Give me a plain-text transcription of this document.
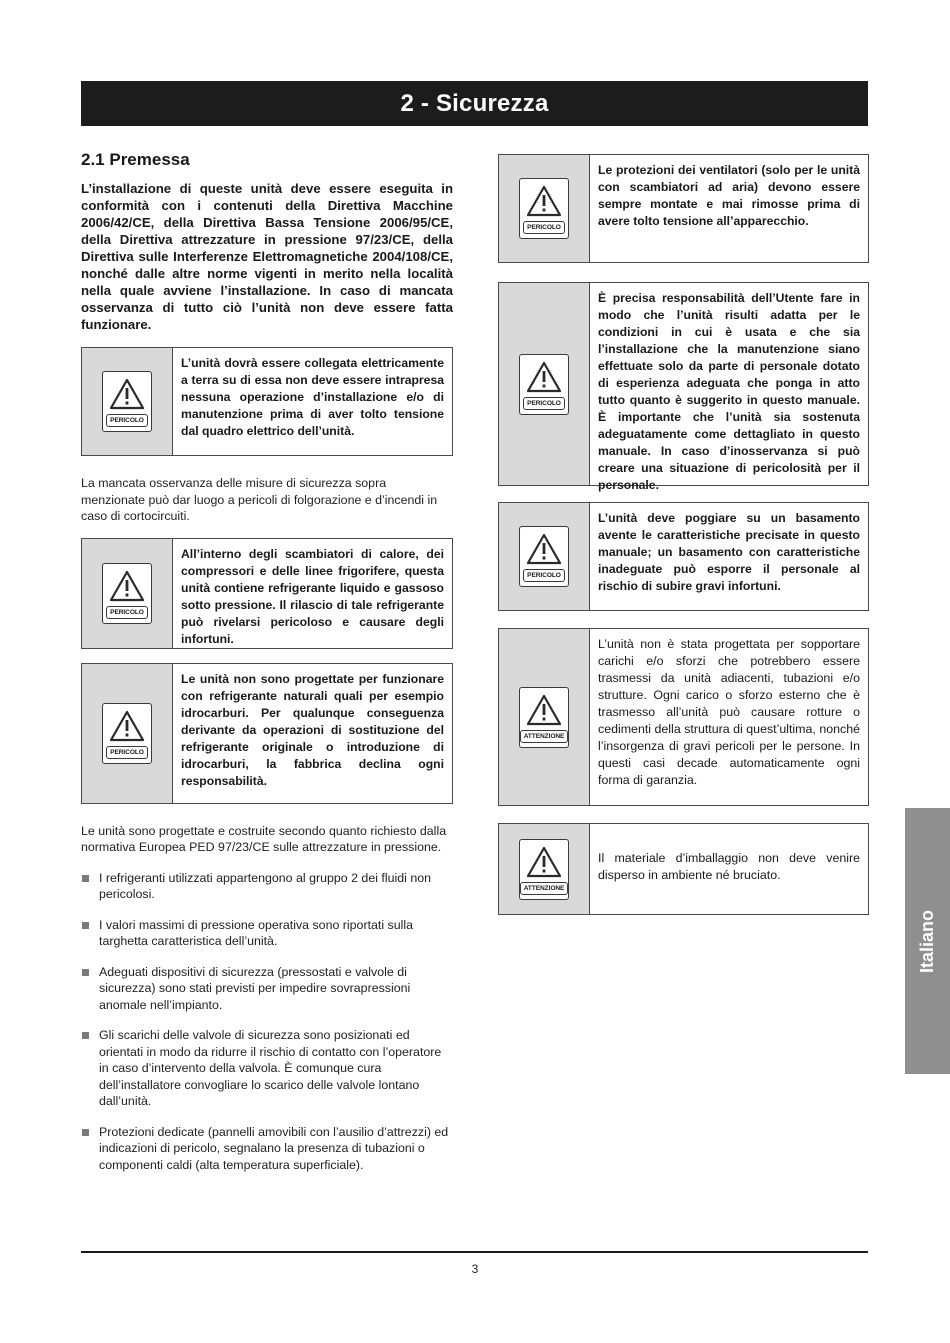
2 - Sicurezza
2.1 Premessa
L’installazione di queste unità deve essere eseguita in conformità con i contenuti della Direttiva Macchine 2006/42/CE, della Direttiva Bassa Tensione 2006/95/CE, della Direttiva attrezzature in pressione 97/23/CE, della Direttiva sulle Interferenze Elettromagnetiche 2004/108/CE, nonché dalle altre norme vigenti in merito nella località nella quale avviene l’installazione. In caso di mancata osservanza di tutto ciò l’unità non deve essere fatta funzionare.
PERICOLO
L’unità dovrà essere collegata elettricamente a terra su di essa non deve essere intrapresa nessuna operazione d’installazione e/o di manutenzione prima di aver tolto tensione dal quadro elettrico dell’unità.

La mancata osservanza delle misure di sicurezza sopra menzionate può dar luogo a pericoli di folgorazione e d’incendi in caso di cortocircuiti.

PERICOLO
All’interno degli scambiatori di calore, dei compressori e delle linee frigorifere, questa unità contiene refrigerante liquido e gassoso sotto pressione. Il rilascio di tale refrigerante può rivelarsi pericoloso e causare degli infortuni.
PERICOLO
Le unità non sono progettate per funzionare con refrigerante naturali quali per esempio idrocarburi. Per qualunque conseguenza derivante da operazioni di sostituzione del refrigerante originale o introduzione di idrocarburi, la fabbrica declina ogni responsabilità.

Le unità sono progettate e costruite secondo quanto richiesto dalla normativa Europea PED 97/23/CE sulle attrezzature in pressione.

I refrigeranti utilizzati appartengono al gruppo 2 dei fluidi non pericolosi.
I valori massimi di pressione operativa sono riportati sulla targhetta caratteristica dell’unità.
Adeguati dispositivi di sicurezza (pressostati e valvole di sicurezza) sono stati previsti per impedire sovrapressioni anomale nell’impianto.
Gli scarichi delle valvole di sicurezza sono posizionati ed orientati in modo da ridurre il rischio di contatto con l’operatore in caso d’intervento della valvola. È comunque cura dell’installatore convogliare lo scarico delle valvole lontano dall’unità.
Protezioni dedicate (pannelli amovibili con l’ausilio d’attrezzi) ed indicazioni di pericolo, segnalano la presenza di tubazioni o componenti caldi (alta temperatura superficiale).
PERICOLO
Le protezioni dei ventilatori (solo per le unità con scambiatori ad aria) devono essere sempre montate e mai rimosse prima di avere tolto tensione all’apparecchio.
PERICOLO
È precisa responsabilità dell’Utente fare in modo che l’unità risulti adatta per le condizioni in cui è usata e che sia l’installazione che la manutenzione siano effettuate solo da parte di personale dotato di esperienza adeguata che ponga in atto tutto quanto è suggerito in questo manuale. È importante che l’unità sia sostenuta adeguatamente come dettagliato in questo manuale. In caso d’inosservanza si può creare una situazione di pericolosità per il personale.
PERICOLO
L’unità deve poggiare su un basamento avente le caratteristiche precisate in questo manuale; un basamento con caratteristiche inadeguate può esporre il personale al rischio di subire gravi infortuni.
ATTENZIONE
L’unità non è stata progettata per sopportare carichi e/o sforzi che potrebbero essere trasmessi da unità adiacenti, tubazioni e/o strutture. Ogni carico o sforzo esterno che è trasmesso all’unità può causare rotture o cedimenti della struttura di quest’ultima, nonché l’insorgenza di gravi pericoli per le persone. In questi casi decade automaticamente ogni forma di garanzia.
ATTENZIONE
Il materiale d’imballaggio non deve venire disperso in ambiente né bruciato.
Italiano
3
